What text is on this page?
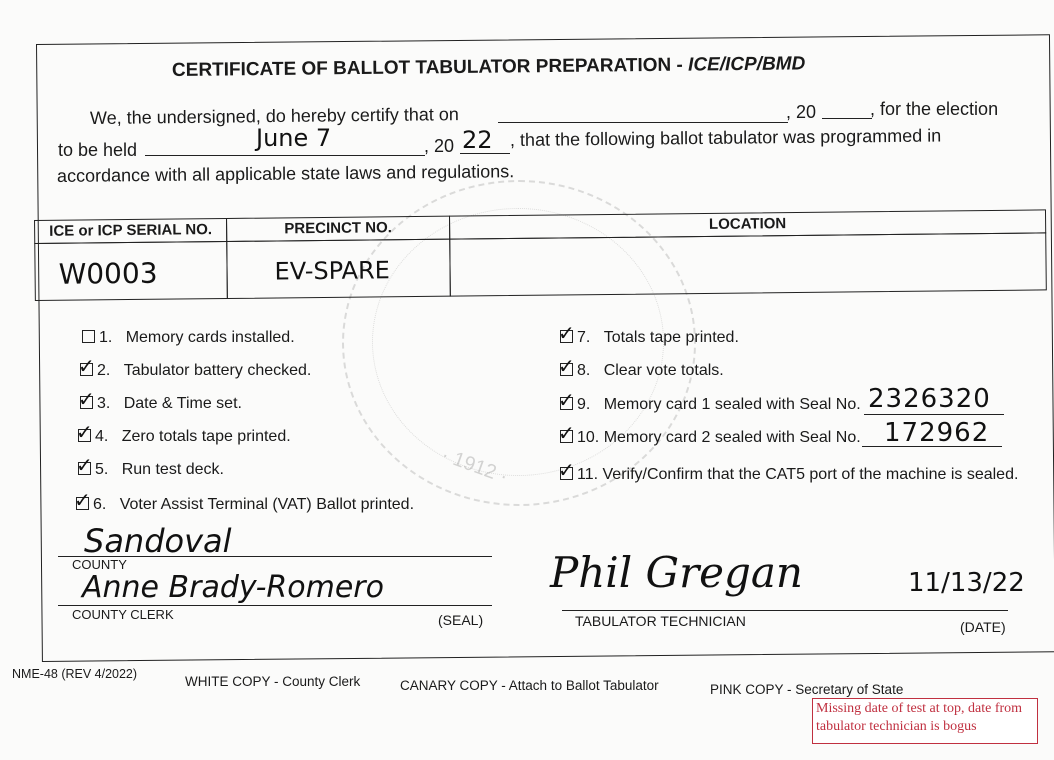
· 1912 ·
CERTIFICATE OF BALLOT TABULATOR PREPARATION - ICE/ICP/BMD
We, the undersigned, do hereby certify that on	, 20	, for the election
to be held	June 7	, 20 22 , that the following ballot tabulator was programmed in
accordance with all applicable state laws and regulations.
ICE or ICP SERIAL NO.	PRECINCT NO.	LOCATION
W0003	EV-SPARE
1. Memory cards installed.
✓ 2. Tabulator battery checked.
✓ 3. Date & Time set.
✓ 4. Zero totals tape printed.
✓ 5. Run test deck.
✓ 6. Voter Assist Terminal (VAT) Ballot printed.
✓ 7. Totals tape printed.
✓ 8. Clear vote totals.
✓ 9. Memory card 1 sealed with Seal No. 2326320
✓ 10. Memory card 2 sealed with Seal No. 172962
✓ 11. Verify/Confirm that the CAT5 port of the machine is sealed.
Sandoval
COUNTY
Anne Brady-Romero
COUNTY CLERK	(SEAL)
Phil Gregan
TABULATOR TECHNICIAN
11/13/22
(DATE)
NME-48 (REV 4/2022)	WHITE COPY - County Clerk	CANARY COPY - Attach to Ballot Tabulator	PINK COPY - Secretary of State
Missing date of test at top, date from tabulator technician is bogus
